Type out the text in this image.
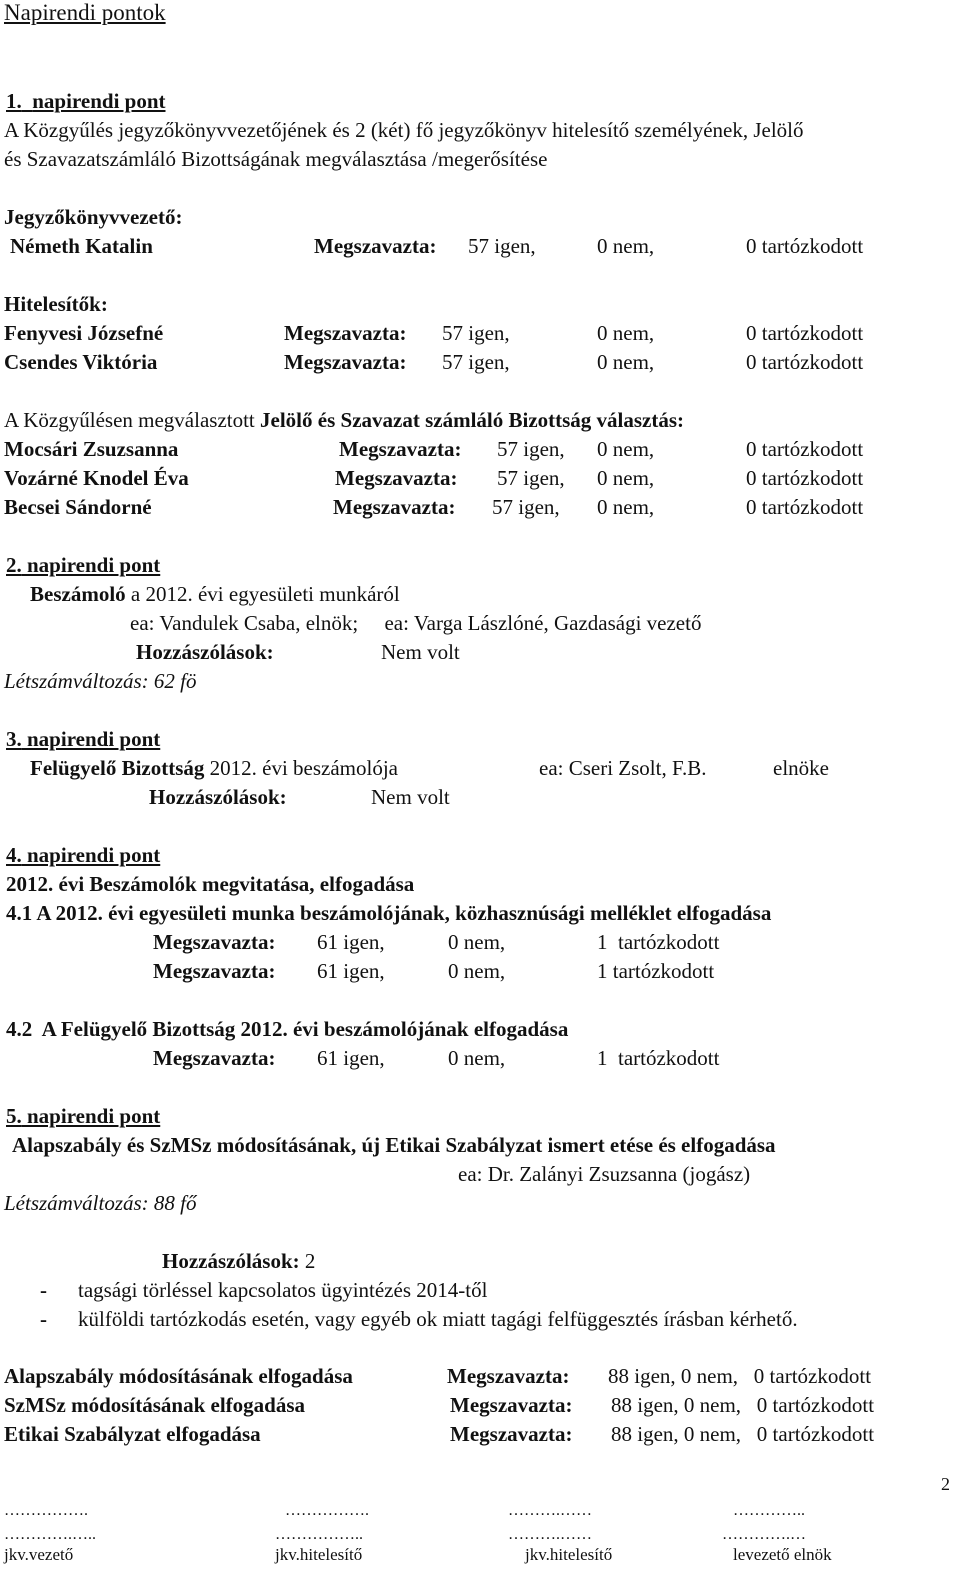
Napirendi pontok
1. napirendi pont
A Közgyűlés jegyzőkönyvvezetőjének és 2 (két) fő jegyzőkönyv hitelesítő személyének, Jelölő
és Szavazatszámláló Bizottságának megválasztása /megerősítése
Jegyzőkönyvvezető:
Németh Katalin	Megszavazta: 57 igen,	0 nem,	0 tartózkodott
Hitelesítők:
Fenyvesi Józsefné	Megszavazta: 57 igen,	0 nem,	0 tartózkodott
Csendes Viktória	Megszavazta: 57 igen,	0 nem,	0 tartózkodott
A Közgyűlésen megválasztott Jelölő és Szavazat számláló Bizottság választás:
Mocsári Zsuzsanna	Megszavazta: 57 igen, 0 nem,	0 tartózkodott
Vozárné Knodel Éva	Megszavazta: 57 igen, 0 nem,	0 tartózkodott
Becsei Sándorné	Megszavazta: 57 igen, 0 nem,	0 tartózkodott
2. napirendi pont
Beszámoló a 2012. évi egyesületi munkáról
ea: Vandulek Csaba, elnök;     ea: Varga Lászlóné, Gazdasági vezető
Hozzászólások:	Nem volt
Létszámváltozás: 62 fö
3. napirendi pont
Felügyelő Bizottság 2012. évi beszámolója	ea: Cseri Zsolt, F.B.	elnöke
Hozzászólások:	Nem volt
4. napirendi pont
2012. évi Beszámolók megvitatása, elfogadása
4.1 A 2012. évi egyesületi munka beszámolójának, közhasznúsági melléklet elfogadása
Megszavazta: 61 igen,	0 nem,	1  tartózkodott
Megszavazta: 61 igen,	0 nem,	1 tartózkodott
4.2  A Felügyelő Bizottság 2012. évi beszámolójának elfogadása
Megszavazta: 61 igen,	0 nem,	1  tartózkodott
5. napirendi pont
Alapszabály és SzMSz módosításának, új Etikai Szabályzat ismert etése és elfogadása
ea: Dr. Zalányi Zsuzsanna (jogász)
Létszámváltozás: 88 fő
Hozzászólások: 2
- tagsági törléssel kapcsolatos ügyintézés 2014-től
- külföldi tartózkodás esetén, vagy egyéb ok miatt tagági felfüggesztés írásban kérhető.
Alapszabály módosításának elfogadása	Megszavazta: 88 igen, 0 nem,   0 tartózkodott
SzMSz módosításának elfogadása	Megszavazta: 88 igen, 0 nem,   0 tartózkodott
Etikai Szabályzat elfogadása	Megszavazta: 88 igen, 0 nem,   0 tartózkodott
2
…………….	…………….	……….……	…………..
………….…..	……………..	……….……	………….…
jkv.vezető	jkv.hitelesítő	jkv.hitelesítő	levezető elnök
